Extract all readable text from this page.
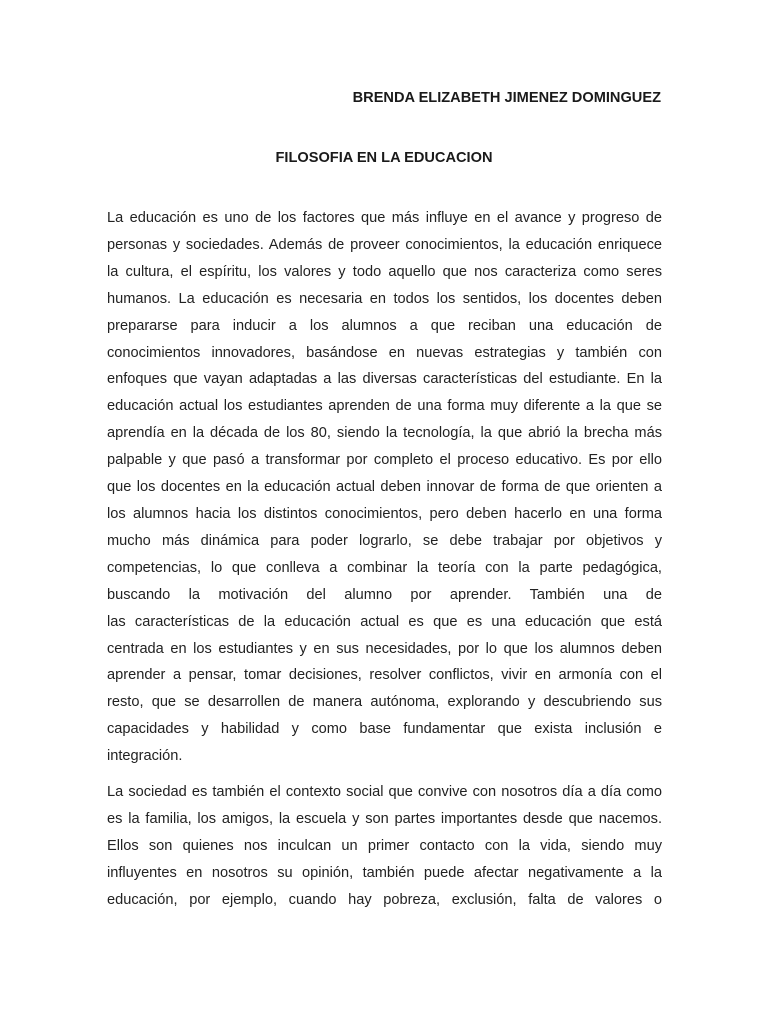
BRENDA ELIZABETH JIMENEZ DOMINGUEZ
FILOSOFIA EN LA EDUCACION
La educación es uno de los factores que más influye en el avance y progreso de
personas y sociedades. Además de proveer conocimientos, la educación enriquece
la cultura, el espíritu, los valores y todo aquello que nos caracteriza como seres
humanos. La educación es necesaria en todos los sentidos, los docentes deben
prepararse para inducir a los alumnos a que reciban una educación de
conocimientos innovadores, basándose en nuevas estrategias y también con
enfoques que vayan adaptadas a las diversas características del estudiante. En la
educación actual los estudiantes aprenden de una forma muy diferente a la que se
aprendía en la década de los 80, siendo la tecnología, la que abrió la brecha más
palpable y que pasó a transformar por completo el proceso educativo. Es por ello
que los docentes en la educación actual deben innovar de forma de que orienten a
los alumnos hacia los distintos conocimientos, pero deben hacerlo en una forma
mucho más dinámica para poder lograrlo, se debe trabajar por objetivos y
competencias, lo que conlleva a combinar la teoría con la parte pedagógica,
buscando la motivación del alumno por aprender. También una de
las características de la educación actual es que es una educación que está
centrada en los estudiantes y en sus necesidades, por lo que los alumnos deben
aprender a pensar, tomar decisiones, resolver conflictos, vivir en armonía con el
resto, que se desarrollen de manera autónoma, explorando y descubriendo sus
capacidades y habilidad y como base fundamentar que exista inclusión e
integración.
La sociedad es también el contexto social que convive con nosotros día a día como
es la familia, los amigos, la escuela y son partes importantes desde que nacemos.
Ellos son quienes nos inculcan un primer contacto con la vida, siendo muy
influyentes en nosotros su opinión, también puede afectar negativamente a la
educación, por ejemplo, cuando hay pobreza, exclusión, falta de valores o
